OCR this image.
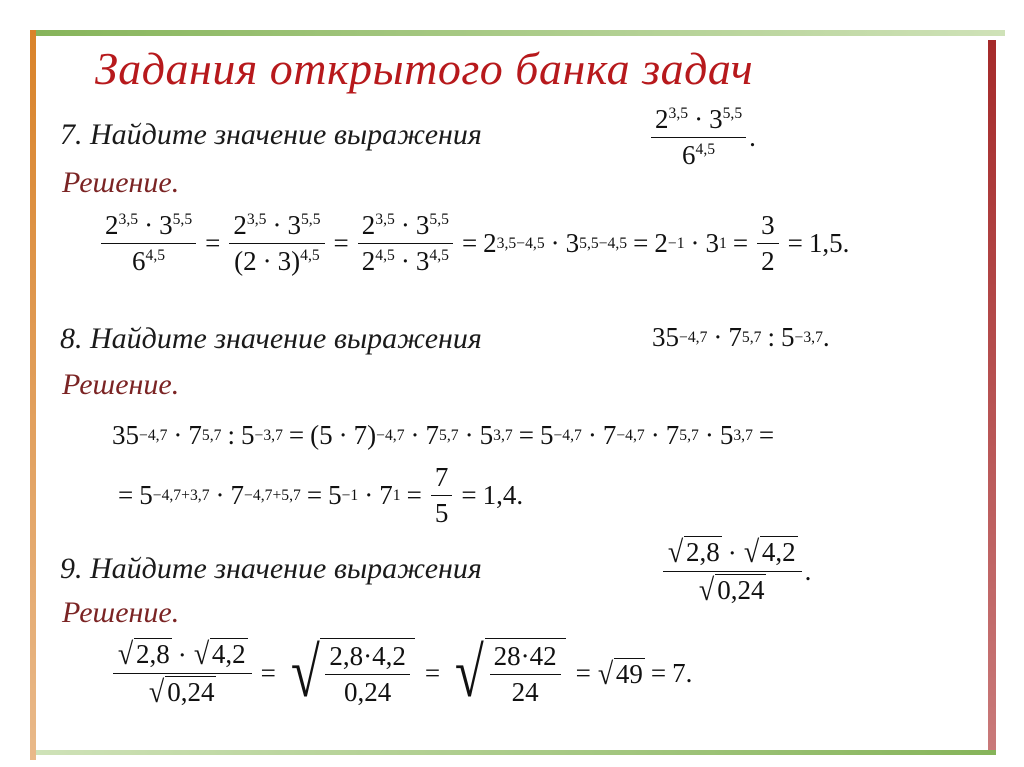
Задания открытого банка задач
7. Найдите значение выражения	$\frac{2^{3,5} \cdot 3^{5,5}}{6^{4,5}}$ .
Решение.
$\frac{2^{3,5} \cdot 3^{5,5}}{6^{4,5}} = \frac{2^{3,5} \cdot 3^{5,5}}{(2 \cdot 3)^{4,5}} = \frac{2^{3,5} \cdot 3^{5,5}}{2^{4,5} \cdot 3^{4,5}} = 2$ 3,5−4,5 · 3 5,5−4,5 = 2 −1 · 3 $1 = \frac{3}{2} = 1,5$.
8. Найдите значение выражения	35 −4,7 · 7 5,7 : 5 −3,7 .
Решение.
35 −4,7 · 7 5,7 : 5 −3,7 = ( 5 · 7 ) −4,7 · 7 5,7 · 5 3,7 = 5 −4,7 · 7 −4,7 · 7 5,7 · 5 3,7 =
= 5 −4,7+3,7 · 7 −4,7+5,7 = 5 −1 · 7 $1 = \frac{7}{5} = 1,4$.
9. Найдите значение выражения	$\frac{√ 2,8 \cdot √ 4,2}{√ 0,24}$ .
Решение.
$\frac{√ 2,8 \cdot √ 4,2}{√ 0,24}$ = √ $\frac{2,8\cdot 4,2}{0,24}$ = √ $\frac{28\cdot 42}{24}$ = √ 49 = 7.
